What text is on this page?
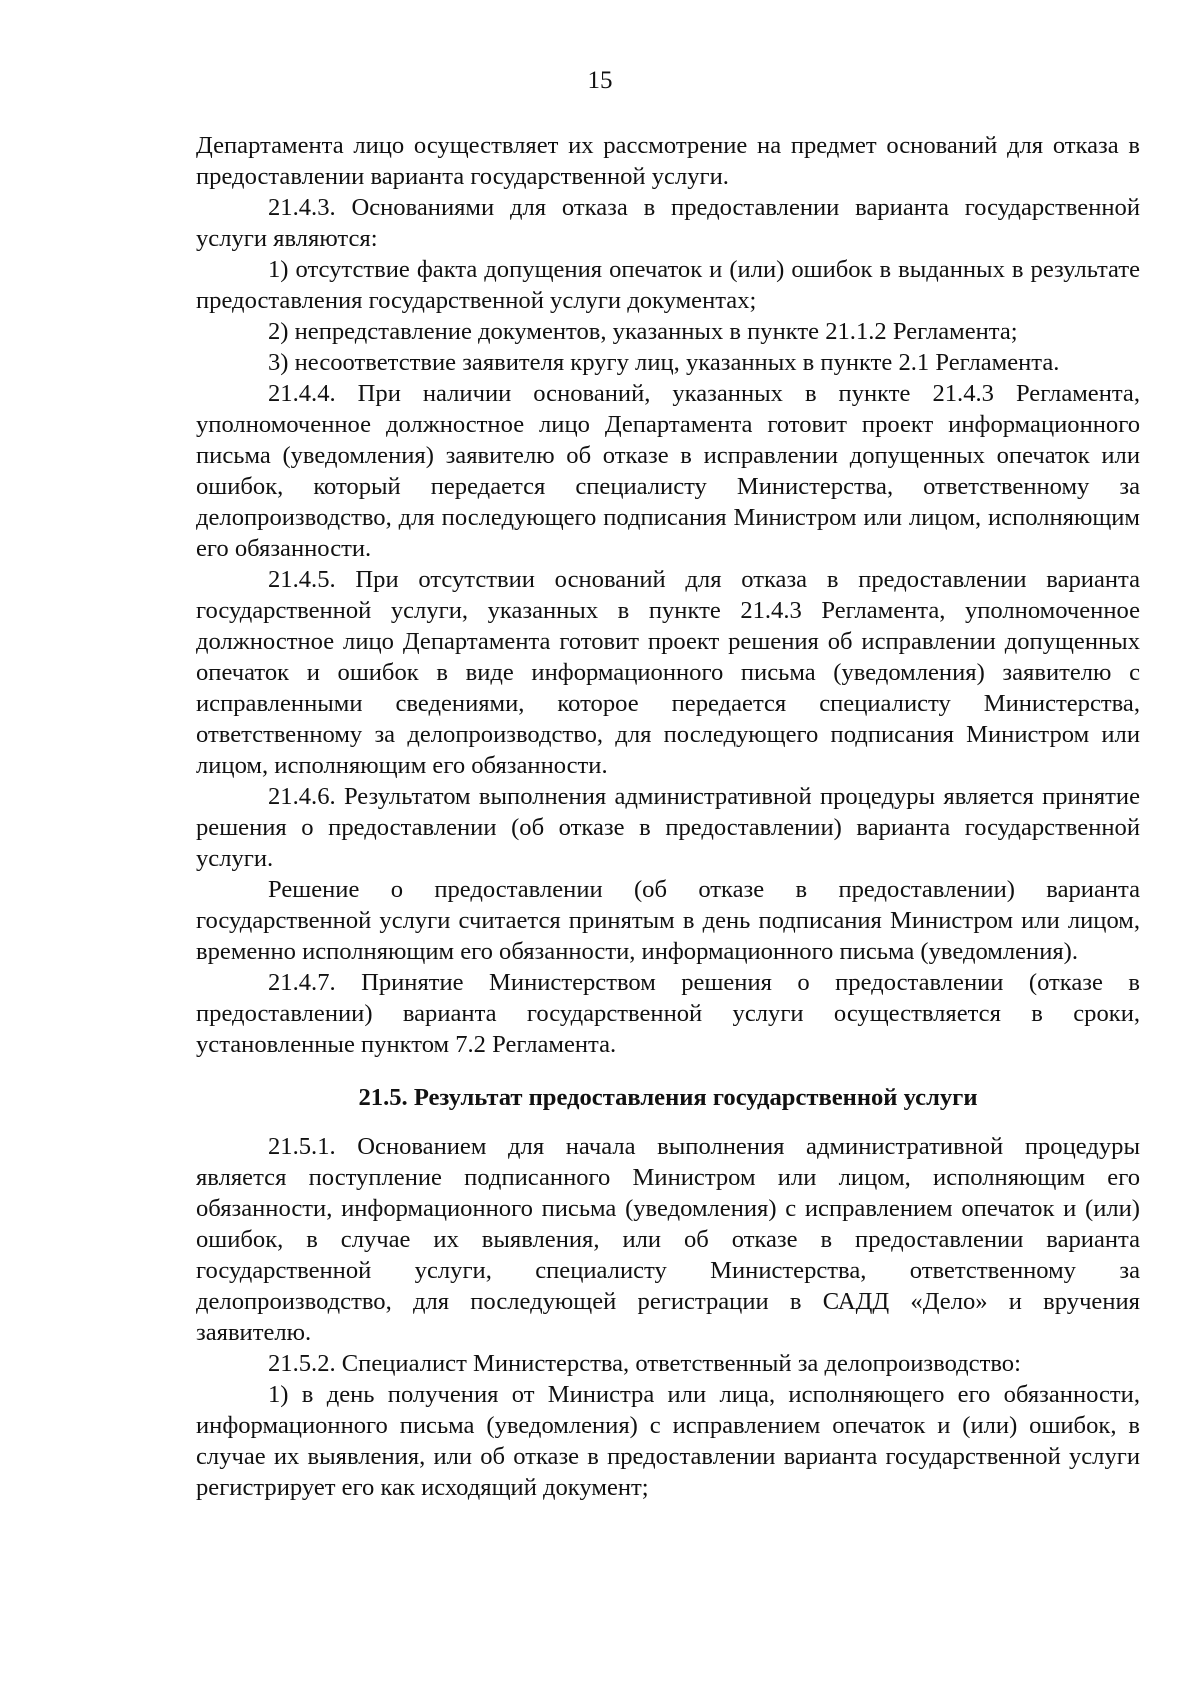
15

Департамента лицо осуществляет их рассмотрение на предмет оснований для отказа в предоставлении варианта государственной услуги.

21.4.3. Основаниями для отказа в предоставлении варианта государственной услуги являются:

1) отсутствие факта допущения опечаток и (или) ошибок в выданных в результате предоставления государственной услуги документах;

2) непредставление документов, указанных в пункте 21.1.2 Регламента;

3) несоответствие заявителя кругу лиц, указанных в пункте 2.1 Регламента.

21.4.4. При наличии оснований, указанных в пункте 21.4.3 Регламента, уполномоченное должностное лицо Департамента готовит проект информационного письма (уведомления) заявителю об отказе в исправлении допущенных опечаток или ошибок, который передается специалисту Министерства, ответственному за делопроизводство, для последующего подписания Министром или лицом, исполняющим его обязанности.

21.4.5. При отсутствии оснований для отказа в предоставлении варианта государственной услуги, указанных в пункте 21.4.3 Регламента, уполномоченное должностное лицо Департамента готовит проект решения об исправлении допущенных опечаток и ошибок в виде информационного письма (уведомления) заявителю с исправленными сведениями, которое передается специалисту Министерства, ответственному за делопроизводство, для последующего подписания Министром или лицом, исполняющим его обязанности.

21.4.6. Результатом выполнения административной процедуры является принятие решения о предоставлении (об отказе в предоставлении) варианта государственной услуги.

Решение о предоставлении (об отказе в предоставлении) варианта государственной услуги считается принятым в день подписания Министром или лицом, временно исполняющим его обязанности, информационного письма (уведомления).

21.4.7. Принятие Министерством решения о предоставлении (отказе в предоставлении) варианта государственной услуги осуществляется в сроки, установленные пунктом 7.2 Регламента.

21.5. Результат предоставления государственной услуги

21.5.1. Основанием для начала выполнения административной процедуры является поступление подписанного Министром или лицом, исполняющим его обязанности, информационного письма (уведомления) с исправлением опечаток и (или) ошибок, в случае их выявления, или об отказе в предоставлении варианта государственной услуги, специалисту Министерства, ответственному за делопроизводство, для последующей регистрации в САДД «Дело» и вручения заявителю.

21.5.2. Специалист Министерства, ответственный за делопроизводство:

1) в день получения от Министра или лица, исполняющего его обязанности, информационного письма (уведомления) с исправлением опечаток и (или) ошибок, в случае их выявления, или об отказе в предоставлении варианта государственной услуги регистрирует его как исходящий документ;
